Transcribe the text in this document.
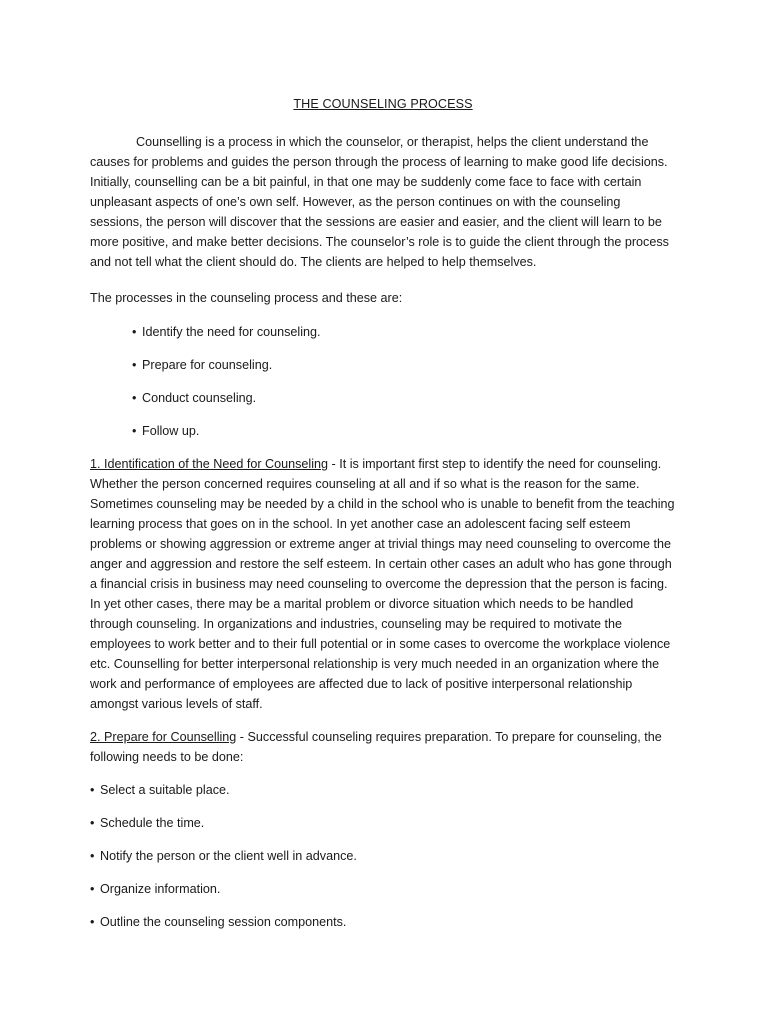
THE COUNSELING PROCESS

Counselling is a process in which the counselor, or therapist, helps the client understand the causes for problems and guides the person through the process of learning to make good life decisions. Initially, counselling can be a bit painful, in that one may be suddenly come face to face with certain unpleasant aspects of one’s own self. However, as the person continues on with the counseling sessions, the person will discover that the sessions are easier and easier, and the client will learn to be more positive, and make better decisions. The counselor’s role is to guide the client through the process and not tell what the client should do. The clients are helped to help themselves.

The processes in the counseling process and these are:

• Identify the need for counseling.
• Prepare for counseling.
• Conduct counseling.
• Follow up.

1. Identification of the Need for Counseling - It is important first step to identify the need for counseling. Whether the person concerned requires counseling at all and if so what is the reason for the same. Sometimes counseling may be needed by a child in the school who is unable to benefit from the teaching learning process that goes on in the school. In yet another case an adolescent facing self esteem problems or showing aggression or extreme anger at trivial things may need counseling to overcome the anger and aggression and restore the self esteem. In certain other cases an adult who has gone through a financial crisis in business may need counseling to overcome the depression that the person is facing. In yet other cases, there may be a marital problem or divorce situation which needs to be handled through counseling. In organizations and industries, counseling may be required to motivate the employees to work better and to their full potential or in some cases to overcome the workplace violence etc. Counselling for better interpersonal relationship is very much needed in an organization where the work and performance of employees are affected due to lack of positive interpersonal relationship amongst various levels of staff.

2. Prepare for Counselling - Successful counseling requires preparation. To prepare for counseling, the following needs to be done:

• Select a suitable place.
• Schedule the time.
• Notify the person or the client well in advance.
• Organize information.
• Outline the counseling session components.
